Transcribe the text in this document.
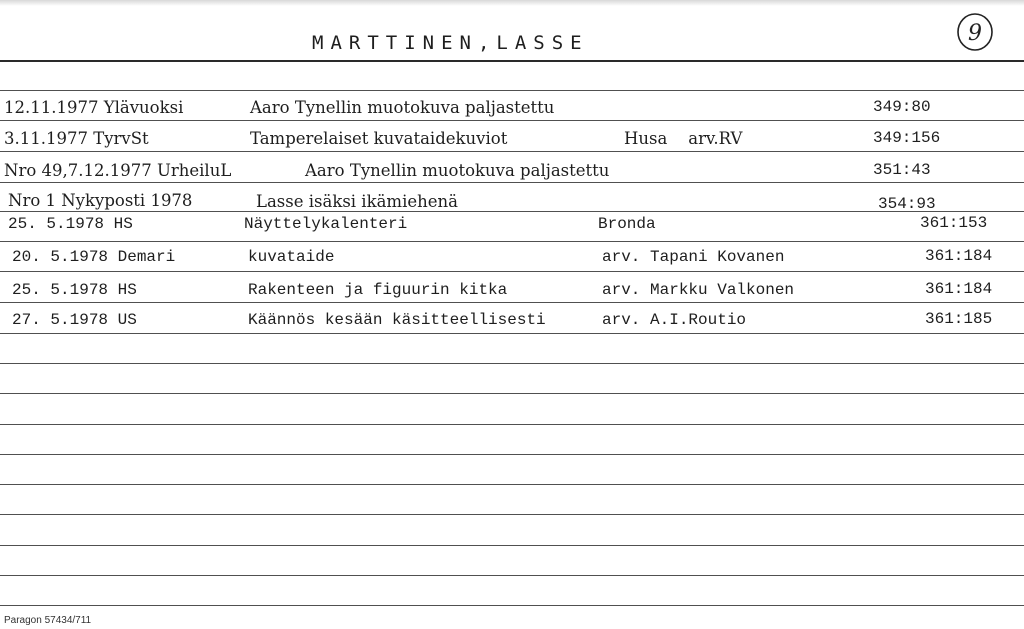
MARTTINEN,LASSE	9
12.11.1977 Ylävuoksi	Aaro Tynellin muotokuva paljastettu	349:80
3.11.1977 TyrvSt	Tamperelaiset kuvataidekuviot	Husa    arv.RV	349:156
Nro 49,7.12.1977 UrheiluL	Aaro Tynellin muotokuva paljastettu	351:43
Nro 1 Nykyposti 1978	Lasse isäksi ikämiehenä	354:93
25. 5.1978 HS	Näyttelykalenteri	Bronda	361:153
20. 5.1978 Demari	kuvataide	arv. Tapani Kovanen	361:184
25. 5.1978 HS	Rakenteen ja figuurin kitka	arv. Markku Valkonen	361:184
27. 5.1978 US	Käännös kesään käsitteellisesti	arv. A.I.Routio	361:185
Paragon 57434/711
